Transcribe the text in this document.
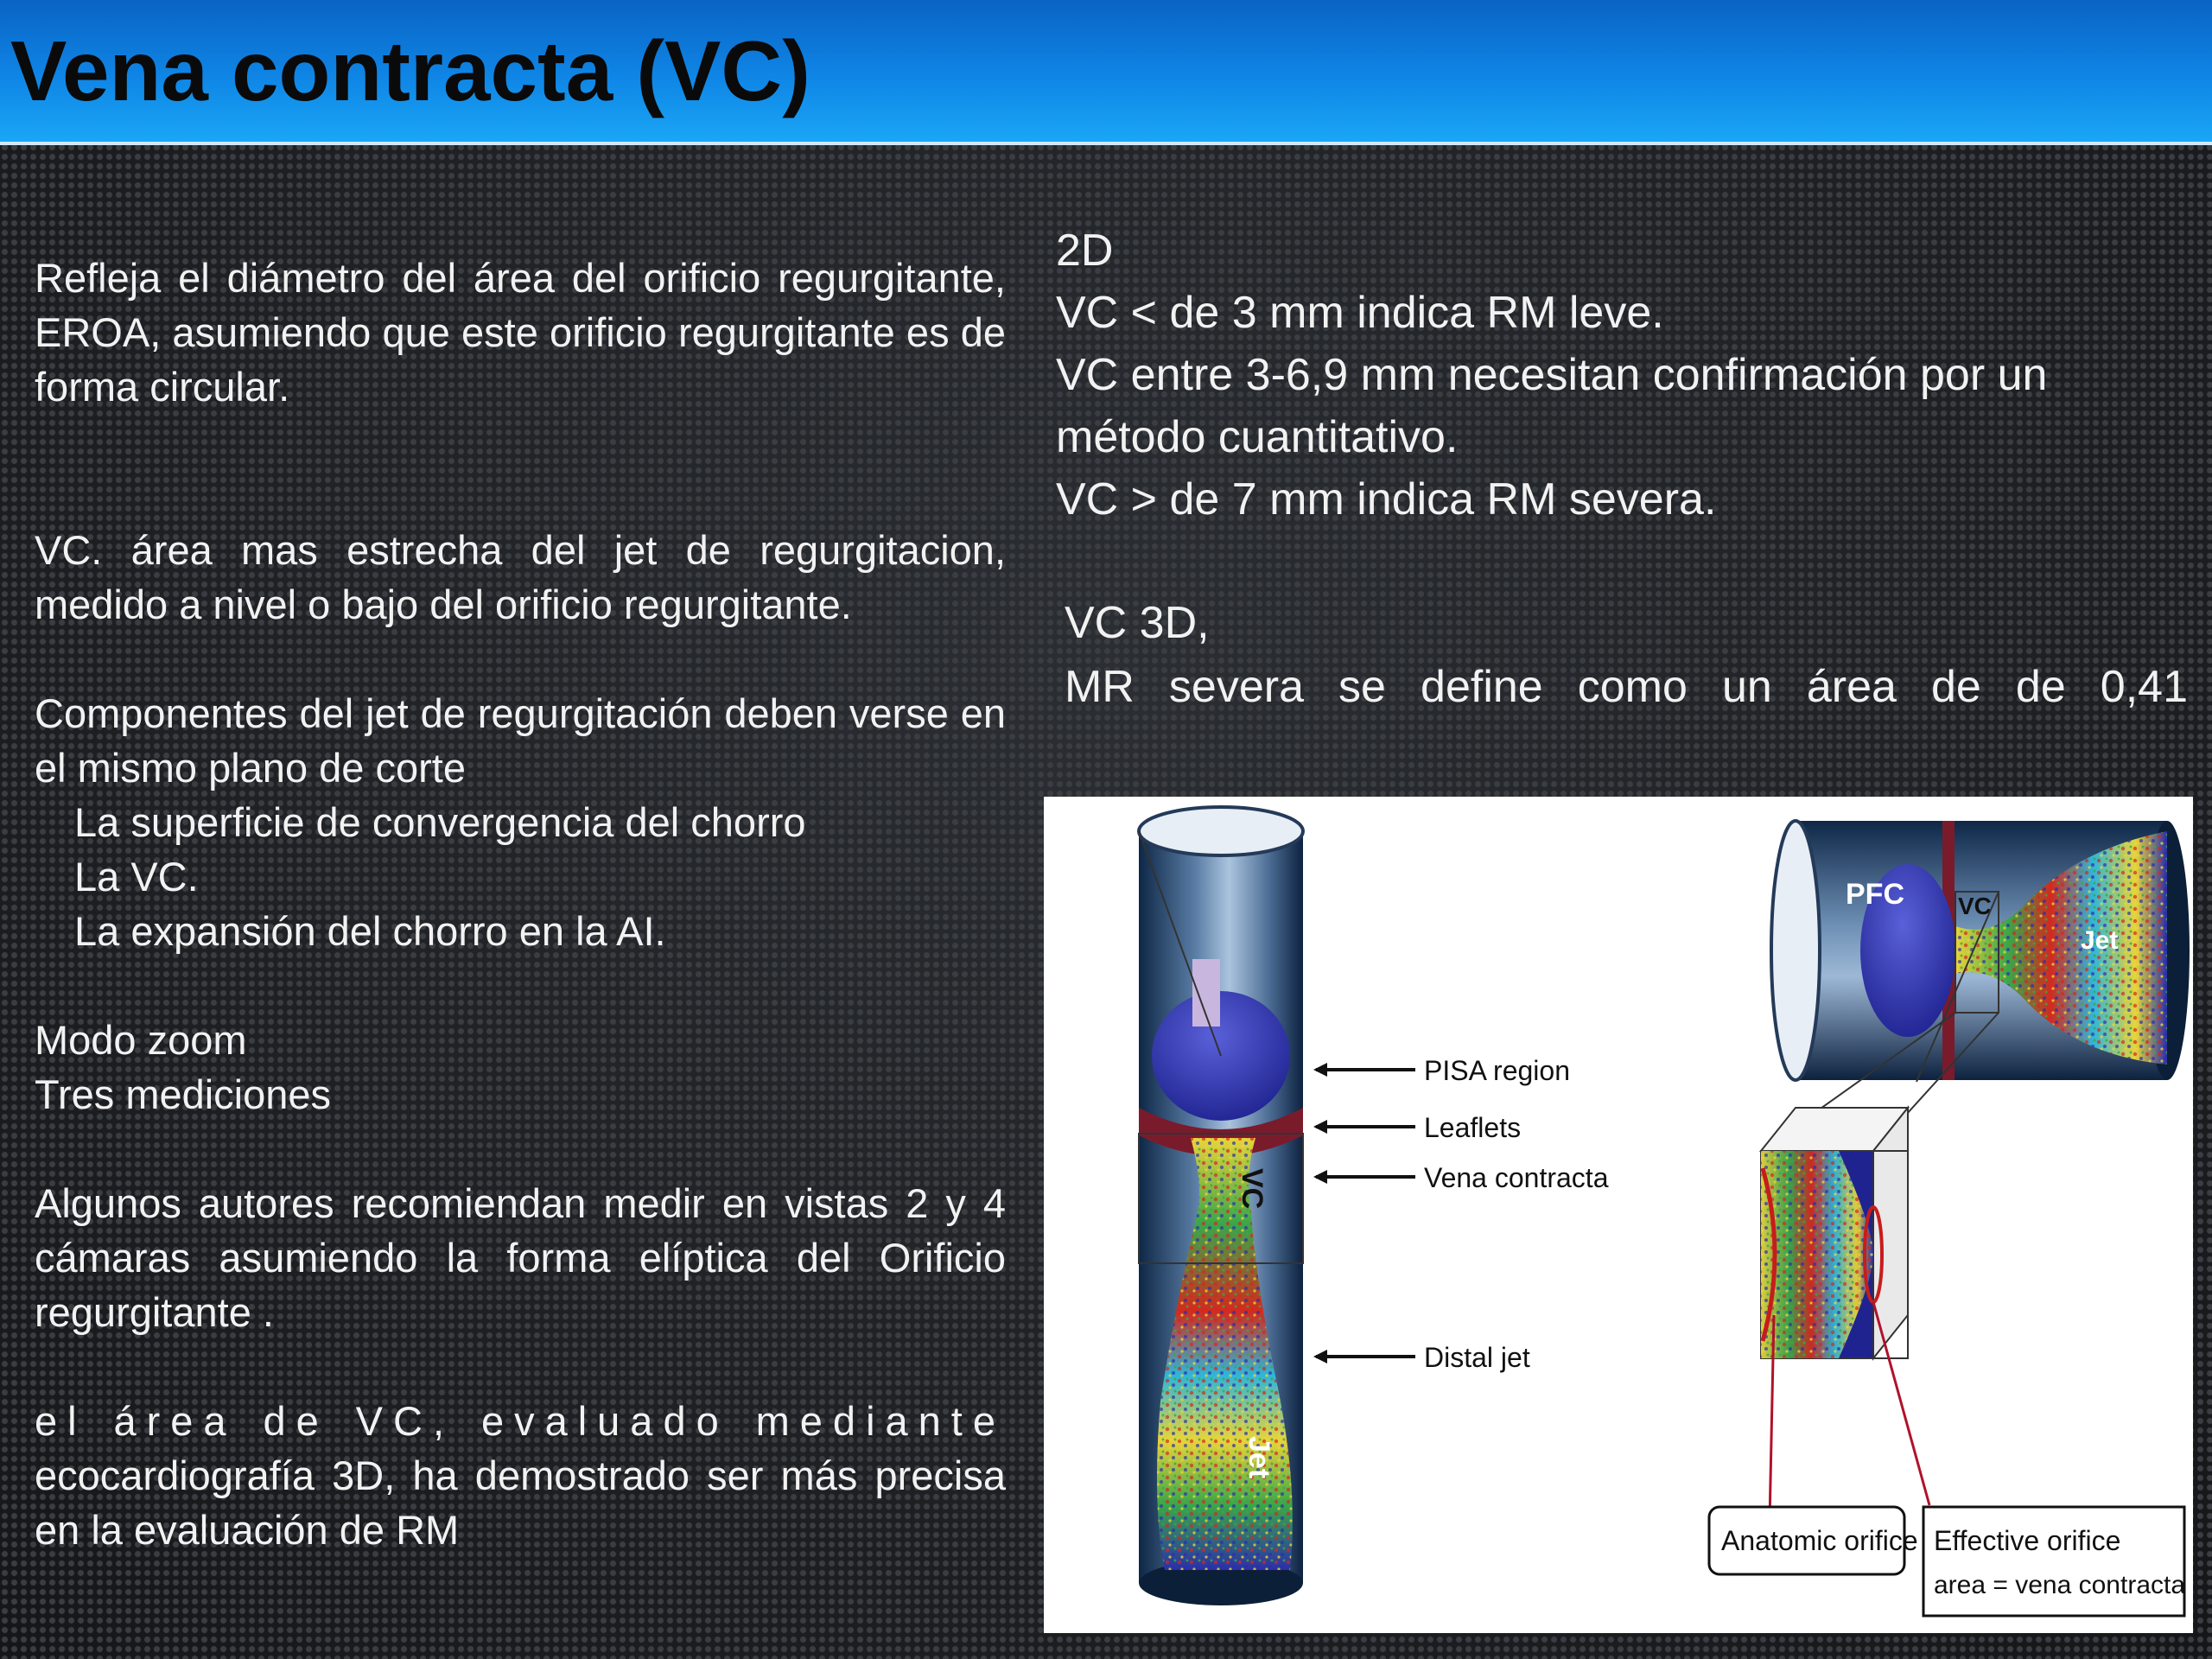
Vena contracta (VC)

Refleja el diámetro del área del orificio regurgitante, EROA, asumiendo que este orificio regurgitante es de forma circular.

VC. área mas estrecha del jet de regurgitacion, medido a nivel o bajo del orificio regurgitante.

Componentes del jet de regurgitación deben verse en el mismo plano de corte

La superficie de convergencia del chorro

La VC.

La expansión del chorro en la AI.

Modo zoom

Tres mediciones

Algunos autores recomiendan medir en vistas 2 y 4 cámaras asumiendo la forma elíptica del Orificio regurgitante .

el área de VC, evaluado mediante

ecocardiografía 3D, ha demostrado ser más precisa en la evaluación de RM

2D

VC < de 3 mm indica RM leve.

VC entre 3-6,9 mm necesitan confirmación por un método cuantitativo.

VC > de 7 mm indica RM severa.

VC 3D,

MR severa se define como un área de de 0,41

VC
Jet
PISA region
Leaflets
Vena contracta
Distal jet
PFC VC
Jet
Anatomic orifice Effective orifice
area = vena contracta
